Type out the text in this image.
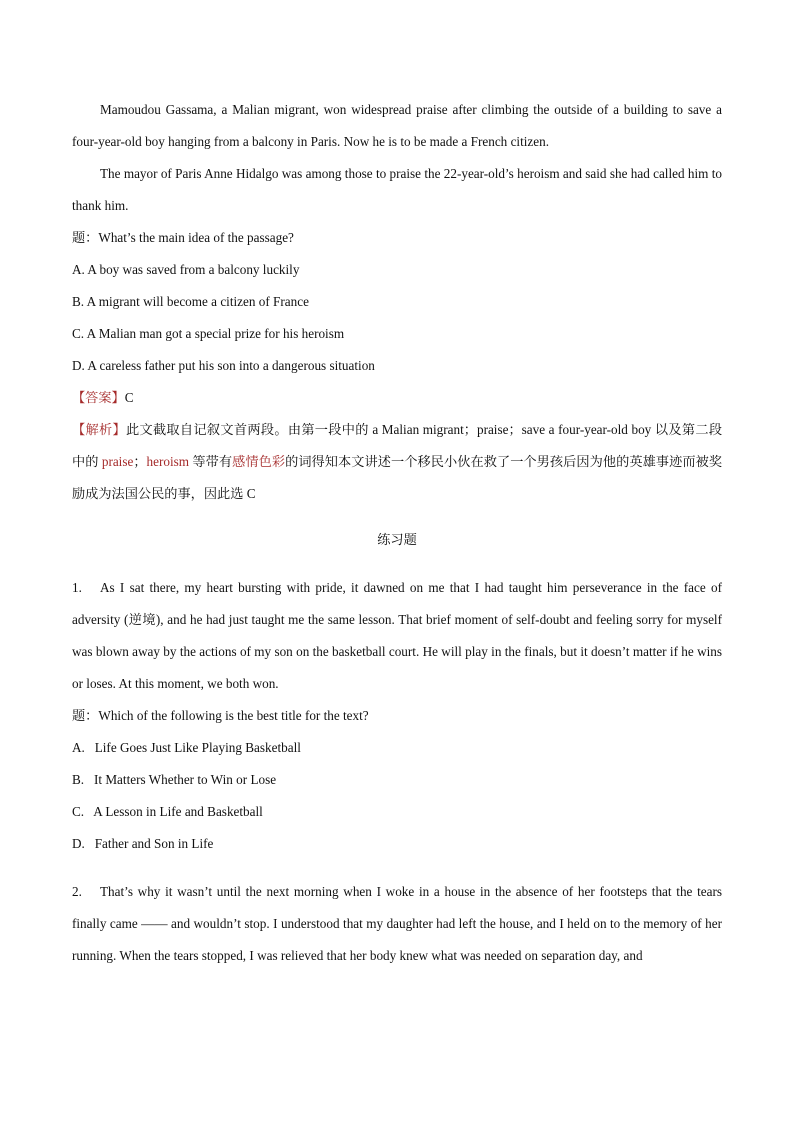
Mamoudou Gassama, a Malian migrant, won widespread praise after climbing the outside of a building to save a four-year-old boy hanging from a balcony in Paris. Now he is to be made a French citizen.

The mayor of Paris Anne Hidalgo was among those to praise the 22-year-old’s heroism and said she had called him to thank him.

题：What’s the main idea of the passage?

A. A boy was saved from a balcony luckily

B. A migrant will become a citizen of France

C. A Malian man got a special prize for his heroism

D. A careless father put his son into a dangerous situation

【答案】C

【解析】此文截取自记叙文首两段。由第一段中的 a Malian migrant；praise；save a four-year-old boy 以及第二段中的 praise；heroism 等带有感情色彩的词得知本文讲述一个移民小伙在救了一个男孩后因为他的英雄事迹而被奖励成为法国公民的事，因此选 C

练习题

1. As I sat there, my heart bursting with pride, it dawned on me that I had taught him perseverance in the face of adversity (逆境), and he had just taught me the same lesson. That brief moment of self-doubt and feeling sorry for myself was blown away by the actions of my son on the basketball court. He will play in the finals, but it doesn’t matter if he wins or loses. At this moment, we both won.

题：Which of the following is the best title for the text?

A.   Life Goes Just Like Playing Basketball

B.   It Matters Whether to Win or Lose

C.   A Lesson in Life and Basketball

D.   Father and Son in Life

2. That’s why it wasn’t until the next morning when I woke in a house in the absence of her footsteps that the tears finally came —— and wouldn’t stop. I understood that my daughter had left the house, and I held on to the memory of her running. When the tears stopped, I was relieved that her body knew what was needed on separation day, and
